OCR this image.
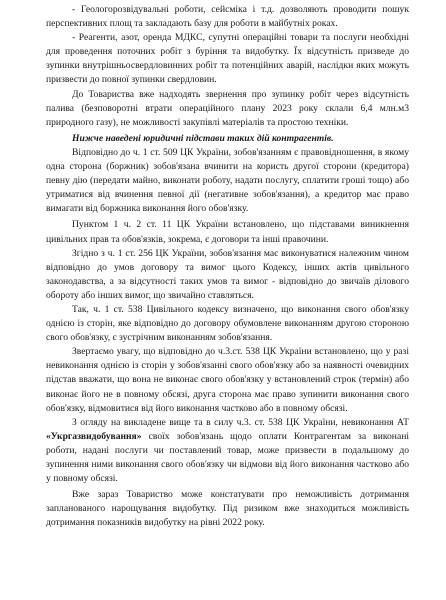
- Геологорозвідувальні роботи, сейсміка і т.д. дозволяють проводити пошук перспективних площ та закладають базу для роботи в майбутніх роках.

- Реагенти, азот, оренда МДКС, супутні операційні товари та послуги необхідні для проведення поточних робіт з буріння та видобутку. Їх відсутність призведе до зупинки внутрішньосвердловинних робіт та потенційних аварій, наслідки яких можуть призвести до повної зупинки свердловин.

До Товариства вже надходять звернення про зупинку робіт через відсутність палива (безповоротні втрати операційного плану 2023 року склали 6,4 млн.м3 природного газу), не можливості закупівлі матеріалів та простою техніки.

Нижче наведені юридичні підстави таких дій контрагентів.

Відповідно до ч. 1 ст. 509 ЦК України, зобов'язанням є правовідношення, в якому одна сторона (боржник) зобов'язана вчинити на користь другої сторони (кредитора) певну дію (передати майно, виконати роботу, надати послугу, сплатити гроші тощо) або утриматися від вчинення певної дії (негативне зобов'язання), а кредитор має право вимагати від боржника виконання його обов'язку.

Пунктом 1 ч. 2 ст. 11 ЦК України встановлено, що підставами виникнення цивільних прав та обов'язків, зокрема, є договори та інші правочини.

Згідно з ч. 1 ст. 256 ЦК України, зобов'язання має виконуватися належним чином відповідно до умов договору та вимог цього Кодексу, інших актів цивільного законодавства, а за відсутності таких умов та вимог - відповідно до звичаїв ділового обороту або інших вимог, що звичайно ставляться.

Так, ч. 1 ст. 538 Цивільного кодексу визначено, що виконання свого обов'язку однією із сторін, яке відповідно до договору обумовлене виконанням другою стороною свого обов'язку, є зустрічним виконанням зобов'язання.

Звертаємо увагу, що відповідно до ч.3.ст. 538 ЦК України встановлено, що у разі невиконання однією із сторін у зобов'язанні свого обов'язку або за наявності очевидних підстав вважати, що вона не виконає свого обов'язку у встановлений строк (термін) або виконає його не в повному обсязі, друга сторона має право зупинити виконання свого обов'язку, відмовитися від його виконання частково або в повному обсязі.

З огляду на викладене вище та в силу ч.3. ст. 538 ЦК України, невиконання АТ «Укргазвидобування» своїх зобов'язань щодо оплати Контрагентам за виконані роботи, надані послуги чи поставлений товар, може призвести в подальшому до зупинення ними виконання свого обов'язку чи відмови від його виконання частково або у повному обсязі.

Вже зараз Товариство може констатувати про неможливість дотримання запланованого нарощування видобутку. Під ризиком вже знаходиться можливість дотримання показників видобутку на рівні 2022 року.
